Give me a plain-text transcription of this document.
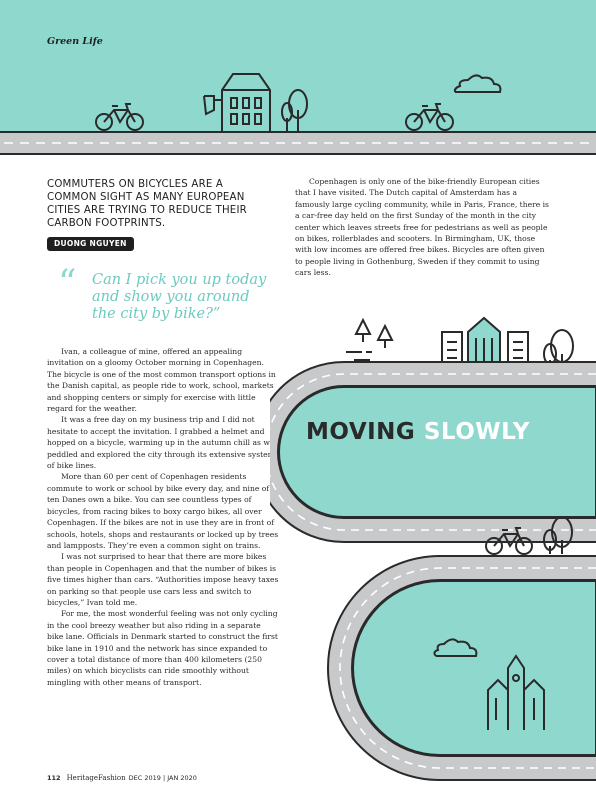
Green Life
COMMUTERS ON BICYCLES ARE A COMMON SIGHT AS MANY EUROPEAN CITIES ARE TRYING TO REDUCE THEIR CARBON FOOTPRINTS.
DUONG NGUYEN
“ Can I pick you up today and show you around the city by bike?”

Ivan, a colleague of mine, offered an appealing invitation on a gloomy October morning in Copenhagen. The bicycle is one of the most common transport options in the Danish capital, as people ride to work, school, markets and shopping centers or simply for exercise with little regard for the weather.

It was a free day on my business trip and I did not hesitate to accept the invitation. I grabbed a helmet and hopped on a bicycle, warming up in the autumn chill as we peddled and explored the city through its extensive system of bike lines.

More than 60 per cent of Copenhagen residents commute to work or school by bike every day, and nine of ten Danes own a bike. You can see countless types of bicycles, from racing bikes to boxy cargo bikes, all over Copenhagen. If the bikes are not in use they are in front of schools, hotels, shops and restaurants or locked up by trees and lampposts. They’re even a common sight on trains.

I was not surprised to hear that there are more bikes than people in Copenhagen and that the number of bikes is five times higher than cars. “Authorities impose heavy taxes on parking so that people use cars less and switch to bicycles,” Ivan told me.

For me, the most wonderful feeling was not only cycling in the cool breezy weather but also riding in a separate bike lane. Officials in Denmark started to construct the first bike lane in 1910 and the network has since expanded to cover a total distance of more than 400 kilometers (250 miles) on which bicyclists can ride smoothly without mingling with other means of transport.

Copenhagen is only one of the bike-friendly European cities that I have visited. The Dutch capital of Amsterdam has a famously large cycling community, while in Paris, France, there is a car-free day held on the first Sunday of the month in the city center which leaves streets free for pedestrians as well as people on bikes, rollerblades and scooters. In Birmingham, UK, those with low incomes are offered free bikes. Bicycles are often given to people living in Gothenburg, Sweden if they commit to using cars less.

MOVING SLOWLY
112 HeritageFashion DEC 2019 | JAN 2020
